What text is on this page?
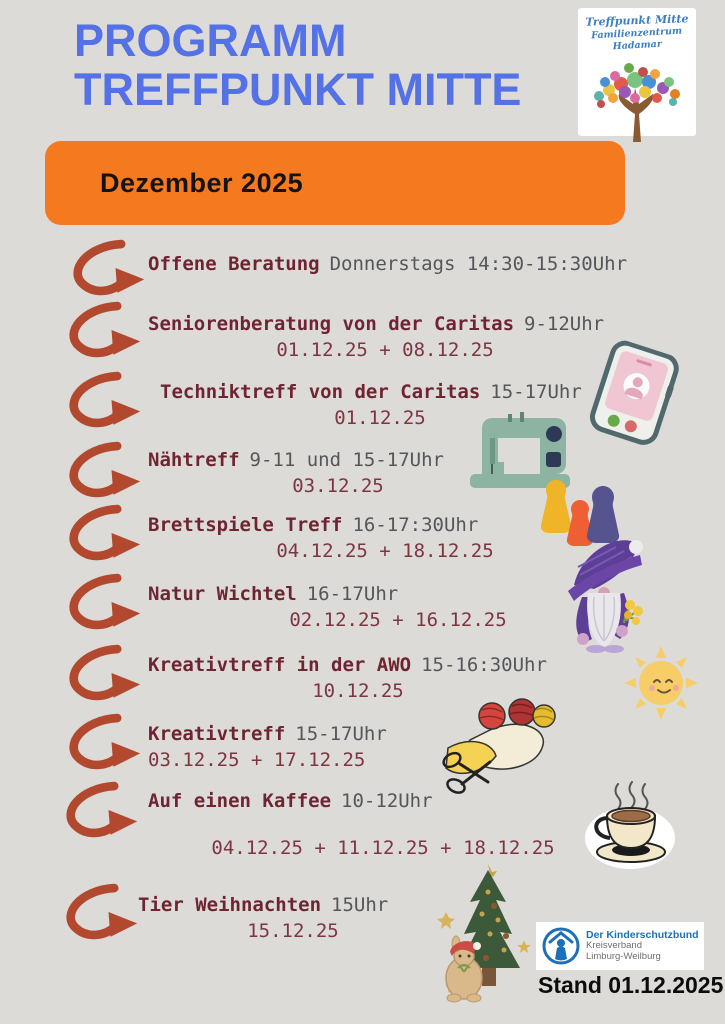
PROGRAMM
TREFFPUNKT MITTE
Treffpunkt Mitte
Familienzentrum Hadamar
Dezember 2025
Offene Beratung Donnerstags 14:30-15:30Uhr
Seniorenberatung von der Caritas 9-12Uhr
01.12.25 + 08.12.25
Techniktreff von der Caritas 15-17Uhr
01.12.25
Nähtreff 9-11 und 15-17Uhr
03.12.25
Brettspiele Treff 16-17:30Uhr
04.12.25 + 18.12.25
Natur Wichtel 16-17Uhr
02.12.25 + 16.12.25
Kreativtreff in der AWO 15-16:30Uhr
10.12.25
Kreativtreff 15-17Uhr
03.12.25 + 17.12.25
Auf einen Kaffee 10-12Uhr
04.12.25 + 11.12.25 + 18.12.25
Tier Weihnachten 15Uhr
15.12.25	Der Kinderschutzbund
Kreisverband
Limburg-Weilburg
Stand 01.12.2025
